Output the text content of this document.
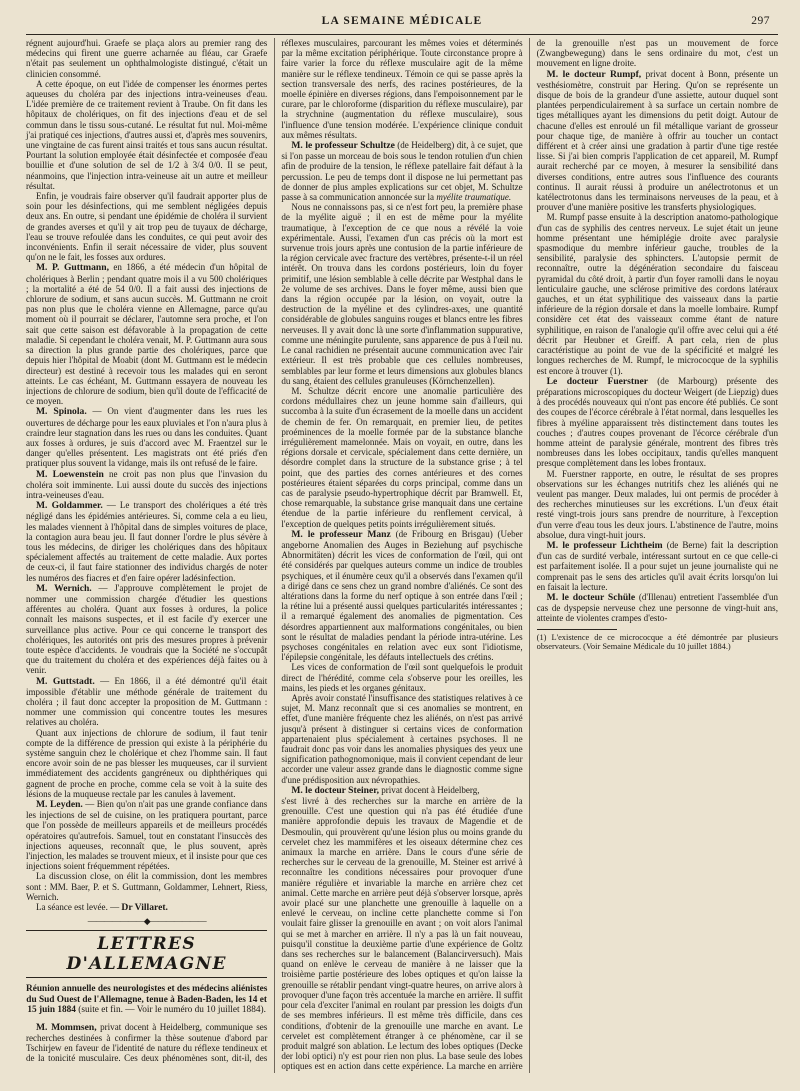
LA SEMAINE MÉDICALE	297

régnent aujourd'hui. Graefe se plaça alors au premier rang des médecins qui firent une guerre acharnée au fléau, car Graefe n'était pas seulement un ophthalmologiste distingué, c'était un clinicien consommé.

A cette époque, on eut l'idée de compenser les énormes pertes aqueuses du choléra par des injections intra-veineuses d'eau. L'idée première de ce traitement revient à Traube. On fit dans les hôpitaux de cholériques, on fit des injections d'eau et de sel commun dans le tissu sous-cutané. Le résultat fut nul. Moi-même j'ai pratiqué ces injections, d'autres aussi et, d'après mes souvenirs, une vingtaine de cas furent ainsi traités et tous sans aucun résultat. Pourtant la solution employée était désinfectée et composée d'eau bouillie et d'une solution de sel de 1/2 à 3/4 0/0. Il se peut, néanmoins, que l'injection intra-veineuse ait un autre et meilleur résultat.

Enfin, je voudrais faire observer qu'il faudrait apporter plus de soin pour les désinfections, qui me semblent négligées depuis deux ans. En outre, si pendant une épidémie de choléra il survient de grandes averses et qu'il y ait trop peu de tuyaux de décharge, l'eau se trouve refoulée dans les conduites, ce qui peut avoir des inconvénients. Enfin il serait nécessaire de vider, plus souvent qu'on ne le fait, les fosses aux ordures.

M. P. Guttmann, en 1866, a été médecin d'un hôpital de cholériques à Berlin ; pendant quatre mois il a vu 500 cholériques ; la mortalité a été de 54 0/0. Il a fait aussi des injections de chlorure de sodium, et sans aucun succès. M. Guttmann ne croit pas non plus que le choléra vienne en Allemagne, parce qu'au moment où il pourrait se déclarer, l'automne sera proche, et l'on sait que cette saison est défavorable à la propagation de cette maladie. Si cependant le choléra venait, M. P. Guttmann aura sous sa direction la plus grande partie des cholériques, parce que depuis hier l'hôpital de Moabit (dont M. Guttmann est le médecin directeur) est destiné à recevoir tous les malades qui en seront atteints. Le cas échéant, M. Guttmann essayera de nouveau les injections de chlorure de sodium, bien qu'il doute de l'efficacité de ce moyen.

M. Spinola. — On vient d'augmenter dans les rues les ouvertures de décharge pour les eaux pluviales et l'on n'aura plus à craindre leur stagnation dans les rues ou dans les conduites. Quant aux fosses à ordures, je suis d'accord avec M. Fraentzel sur le danger qu'elles présentent. Les magistrats ont été priés d'en pratiquer plus souvent la vidange, mais ils ont refusé de le faire.

M. Loewenstein ne croit pas non plus que l'invasion du choléra soit imminente. Lui aussi doute du succès des injections intra-veineuses d'eau.

M. Goldammer. — Le transport des cholériques a été très négligé dans les épidémies antérieures. Si, comme cela a eu lieu, les malades viennent à l'hôpital dans de simples voitures de place, la contagion aura beau jeu. Il faut donner l'ordre le plus sévère à tous les médecins, de diriger les cholériques dans des hôpitaux spécialement affectés au traitement de cette maladie. Aux portes de ceux-ci, il faut faire stationner des individus chargés de noter les numéros des fiacres et d'en faire opérer ladésinfection.

M. Wernich. — J'approuve complètement le projet de nommer une commission chargée d'étudier les questions afférentes au choléra. Quant aux fosses à ordures, la police connaît les maisons suspectes, et il est facile d'y exercer une surveillance plus active. Pour ce qui concerne le transport des cholériques, les autorités ont pris des mesures propres à prévenir toute espèce d'accidents. Je voudrais que la Société ne s'occupât que du traitement du choléra et des expériences déjà faites ou à venir.

M. Guttstadt. — En 1866, il a été démontré qu'il était impossible d'établir une méthode générale de traitement du choléra ; il faut donc accepter la proposition de M. Guttmann : nommer une commission qui concentre toutes les mesures relatives au choléra.

Quant aux injections de chlorure de sodium, il faut tenir compte de la différence de pression qui existe à la périphérie du système sanguin chez le cholérique et chez l'homme sain. Il faut encore avoir soin de ne pas blesser les muqueuses, car il survient immédiatement des accidents gangréneux ou diphthériques qui gagnent de proche en proche, comme cela se voit à la suite des lésions de la muqueuse rectale par les canules à lavement.

M. Leyden. — Bien qu'on n'ait pas une grande confiance dans les injections de sel de cuisine, on les pratiquera pourtant, parce que l'on possède de meilleurs appareils et de meilleurs procédés opératoires qu'autrefois. Samuel, tout en constatant l'insuccès des injections aqueuses, reconnaît que, le plus souvent, après l'injection, les malades se trouvent mieux, et il insiste pour que ces injections soient fréquemment répétées.

La discussion close, on élit la commission, dont les membres sont : MM. Baer, P. et S. Guttmann, Goldammer, Lehnert, Riess, Wernich.

La séance est levée. — Dr Villaret.

———————◆———————

LETTRES D'ALLEMAGNE

Réunion annuelle des neurologistes et des médecins aliénistes du Sud Ouest de l'Allemagne, tenue à Baden-Baden, les 14 et 15 juin 1884 (suite et fin. — Voir le numéro du 10 juillet 1884).

M. Mommsen, privat docent à Heidelberg, communique ses recherches destinées à confirmer la thèse soutenue d'abord par Tschirjew en faveur de l'identité de nature du réflexe tendineux et de la tonicité musculaire. Ces deux phénomènes sont, dit-il, des réflexes musculaires, parcourant les mêmes voies et déterminés par la même excitation périphérique. Toute circonstance propre à faire varier la force du réflexe musculaire agit de la même manière sur le réflexe tendineux. Témoin ce qui se passe après la section transversale des nerfs, des racines postérieures, de la moelle épinière en diverses régions, dans l'empoisonnement par le curare, par le chloroforme (disparition du réflexe musculaire), par la strychnine (augmentation du réflexe musculaire), sous l'influence d'une tension modérée. L'expérience clinique conduit aux mêmes résultats.

M. le professeur Schultze (de Heidelberg) dit, à ce sujet, que si l'on passe un morceau de bois sous le tendon rotulien d'un chien afin de produire de la tension, le réflexe patellaire fait défaut à la percussion. Le peu de temps dont il dispose ne lui permettant pas de donner de plus amples explications sur cet objet, M. Schultze passe à sa communication annoncée sur la myélite traumatique.

Nous ne connaissons pas, si ce n'est fort peu, la première phase de la myélite aiguë ; il en est de même pour la myélite traumatique, à l'exception de ce que nous a révélé la voie expérimentale. Aussi, l'examen d'un cas précis où la mort est survenue trois jours après une contusion de la partie inférieure de la région cervicale avec fracture des vertèbres, présente-t-il un réel intérêt. On trouva dans les cordons postérieurs, loin du foyer primitif, une lésion semblable à celle décrite par Westphal dans le 2e volume de ses archives. Dans le foyer même, aussi bien que dans la région occupée par la lésion, on voyait, outre la destruction de la myéline et des cylindres-axes, une quantité considérable de globules sanguins rouges et blancs entre les fibres nerveuses. Il y avait donc là une sorte d'inflammation suppurative, comme une méningite purulente, sans apparence de pus à l'œil nu. Le canal rachidien ne présentait aucune communication avec l'air extérieur. Il est très probable que ces cellules nombreuses, semblables par leur forme et leurs dimensions aux globules blancs du sang, étaient des cellules granuleuses (Körnchenzellen).

M. Schultze décrit encore une anomalie particulière des cordons médullaires chez un jeune homme sain d'ailleurs, qui succomba à la suite d'un écrasement de la moelle dans un accident de chemin de fer. On remarquait, en premier lieu, de petites proéminences de la moelle formée par de la substance blanche irrégulièrement mamelonnée. Mais on voyait, en outre, dans les régions dorsale et cervicale, spécialement dans cette dernière, un désordre complet dans la structure de la substance grise ; à tel point, que des parties des cornes antérieures et des cornes postérieures étaient séparées du corps principal, comme dans un cas de paralysie pseudo-hypertrophique décrit par Bramwell. Et, chose remarquable, la substance grise manquait dans une certaine étendue de la partie inférieure du renflement cervical, à l'exception de quelques petits points irrégulièrement situés.

M. le professeur Manz (de Fribourg en Brisgau) (Ueber angeborne Anomalien des Auges in Beziehung auf psychische Abnormitäten) décrit les vices de conformation de l'œil, qui ont été considérés par quelques auteurs comme un indice de troubles psychiques, et il énumère ceux qu'il a observés dans l'examen qu'il a dirigé dans ce sens chez un grand nombre d'aliénés. Ce sont des altérations dans la forme du nerf optique à son entrée dans l'œil ; la rétine lui a présenté aussi quelques particularités intéressantes ; il a remarqué également des anomalies de pigmentation. Ces désordres appartiennent aux malformations congénitales, ou bien sont le résultat de maladies pendant la période intra-utérine. Les psychoses congénitales en relation avec eux sont l'idiotisme, l'épilepsie congénitale, les défauts intellectuels des crétins.

Les vices de conformation de l'œil sont quelquefois le produit direct de l'hérédité, comme cela s'observe pour les oreilles, les mains, les pieds et les organes génitaux.

Après avoir constaté l'insuffisance des statistiques relatives à ce sujet, M. Manz reconnaît que si ces anomalies se montrent, en effet, d'une manière fréquente chez les aliénés, on n'est pas arrivé jusqu'à présent à distinguer si certains vices de conformation appartenaient plus spécialement à certaines psychoses. Il ne faudrait donc pas voir dans les anomalies physiques des yeux une signification pathognomonique, mais il convient cependant de leur accorder une valeur assez grande dans le diagnostic comme signe d'une prédisposition aux névropathies.

M. le docteur Steiner, privat docent à Heidelberg,

s'est livré à des recherches sur la marche en arrière de la grenouille. C'est une question qui n'a pas été étudiée d'une manière approfondie depuis les travaux de Magendie et de Desmoulin, qui prouvèrent qu'une lésion plus ou moins grande du cervelet chez les mammifères et les oiseaux détermine chez ces animaux la marche en arrière. Dans le cours d'une série de recherches sur le cerveau de la grenouille, M. Steiner est arrivé à reconnaître les conditions nécessaires pour provoquer d'une manière régulière et invariable la marche en arrière chez cet animal. Cette marche en arrière peut déjà s'observer lorsque, après avoir placé sur une planchette une grenouille à laquelle on a enlevé le cerveau, on incline cette planchette comme si l'on voulait faire glisser la grenouille en avant ; on voit alors l'animal qui se met à marcher en arrière. Il n'y a pas là un fait nouveau, puisqu'il constitue la deuxième partie d'une expérience de Goltz dans ses recherches sur le balancement (Balancirversuch). Mais quand on enlève le cerveau de manière à ne laisser que la troisième partie postérieure des lobes optiques et qu'on laisse la grenouille se rétablir pendant vingt-quatre heures, on arrive alors à provoquer d'une façon très accentuée la marche en arrière. Il suffit pour cela d'exciter l'animal en roulant par pression les doigts d'un de ses membres inférieurs. Il est même très difficile, dans ces conditions, d'obtenir de la grenouille une marche en avant. Le cervelet est complètement étranger à ce phénomène, car il se produit malgré son ablation. Le lectum des lobes optiques (Decke der lobi optici) n'y est pour rien non plus. La base seule des lobes optiques est en action dans cette expérience. La marche en arrière de la grenouille n'est pas un mouvement de force (Zwangbewegung) dans le sens ordinaire du mot, c'est un mouvement en ligne droite.

M. le docteur Rumpf, privat docent à Bonn, présente un vesthésiomètre, construit par Hering. Qu'on se représente un disque de bois de la grandeur d'une assiette, autour duquel sont plantées perpendiculairement à sa surface un certain nombre de tiges métalliques ayant les dimensions du petit doigt. Autour de chacune d'elles est enroulé un fil métallique variant de grosseur pour chaque tige, de manière à offrir au toucher un contact différent et à créer ainsi une gradation à partir d'une tige restée lisse. Si j'ai bien compris l'application de cet appareil, M. Rumpf aurait recherché par ce moyen, à mesurer la sensibilité dans diverses conditions, entre autres sous l'influence des courants continus. Il aurait réussi à produire un anélectrotonus et un katélectrotonus dans les terminaisons nerveuses de la peau, et à prouver d'une manière positive les transferts physiologiques.

M. Rumpf passe ensuite à la description anatomo-pathologique d'un cas de syphilis des centres nerveux. Le sujet était un jeune homme présentant une hémiplégie droite avec paralysie spasmodique du membre inférieur gauche, troubles de la sensibilité, paralysie des sphincters. L'autopsie permit de reconnaître, outre la dégénération secondaire du faisceau pyramidal du côté droit, à partir d'un foyer ramolli dans le noyau lenticulaire gauche, une sclérose primitive des cordons latéraux gauches, et un état syphilitique des vaisseaux dans la partie inférieure de la région dorsale et dans la moelle lombaire. Rumpf considère cet état des vaisseaux comme étant de nature syphilitique, en raison de l'analogie qu'il offre avec celui qui a été décrit par Heubner et Greiff. A part cela, rien de plus caractéristique au point de vue de la spécificité et malgré les longues recherches de M. Rumpf, le micrococque de la syphilis est encore à trouver (1).

Le docteur Fuerstner (de Marbourg) présente des préparations microscopiques du docteur Weigert (de Liepzig) dues à des procédés nouveaux qui n'ont pas encore été publiés. Ce sont des coupes de l'écorce cérébrale à l'état normal, dans lesquelles les fibres à myéline apparaissent très distinctement dans toutes les couches ; d'autres coupes provenant de l'écorce cérébrale d'un homme atteint de paralysie générale, montrent des fibres très nombreuses dans les lobes occipitaux, tandis qu'elles manquent presque complètement dans les lobes frontaux.

M. Fuerstner rapporte, en outre, le résultat de ses propres observations sur les échanges nutritifs chez les aliénés qui ne veulent pas manger. Deux malades, lui ont permis de procéder à des recherches minutieuses sur les excrétions. L'un d'eux était resté vingt-trois jours sans prendre de nourriture, à l'exception d'un verre d'eau tous les deux jours. L'abstinence de l'autre, moins absolue, dura vingt-huit jours.

M. le professeur Lichtheim (de Berne) fait la description d'un cas de surdité verbale, intéressant surtout en ce que celle-ci est parfaitement isolée. Il a pour sujet un jeune journaliste qui ne comprenait pas le sens des articles qu'il avait écrits lorsqu'on lui en faisait la lecture.

M. le docteur Schüle (d'Illenau) entretient l'assemblée d'un cas de dyspepsie nerveuse chez une personne de vingt-huit ans, atteinte de violentes crampes d'esto-

(1) L'existence de ce micrococque a été démontrée par plusieurs observateurs. (Voir Semaine Médicale du 10 juillet 1884.)
